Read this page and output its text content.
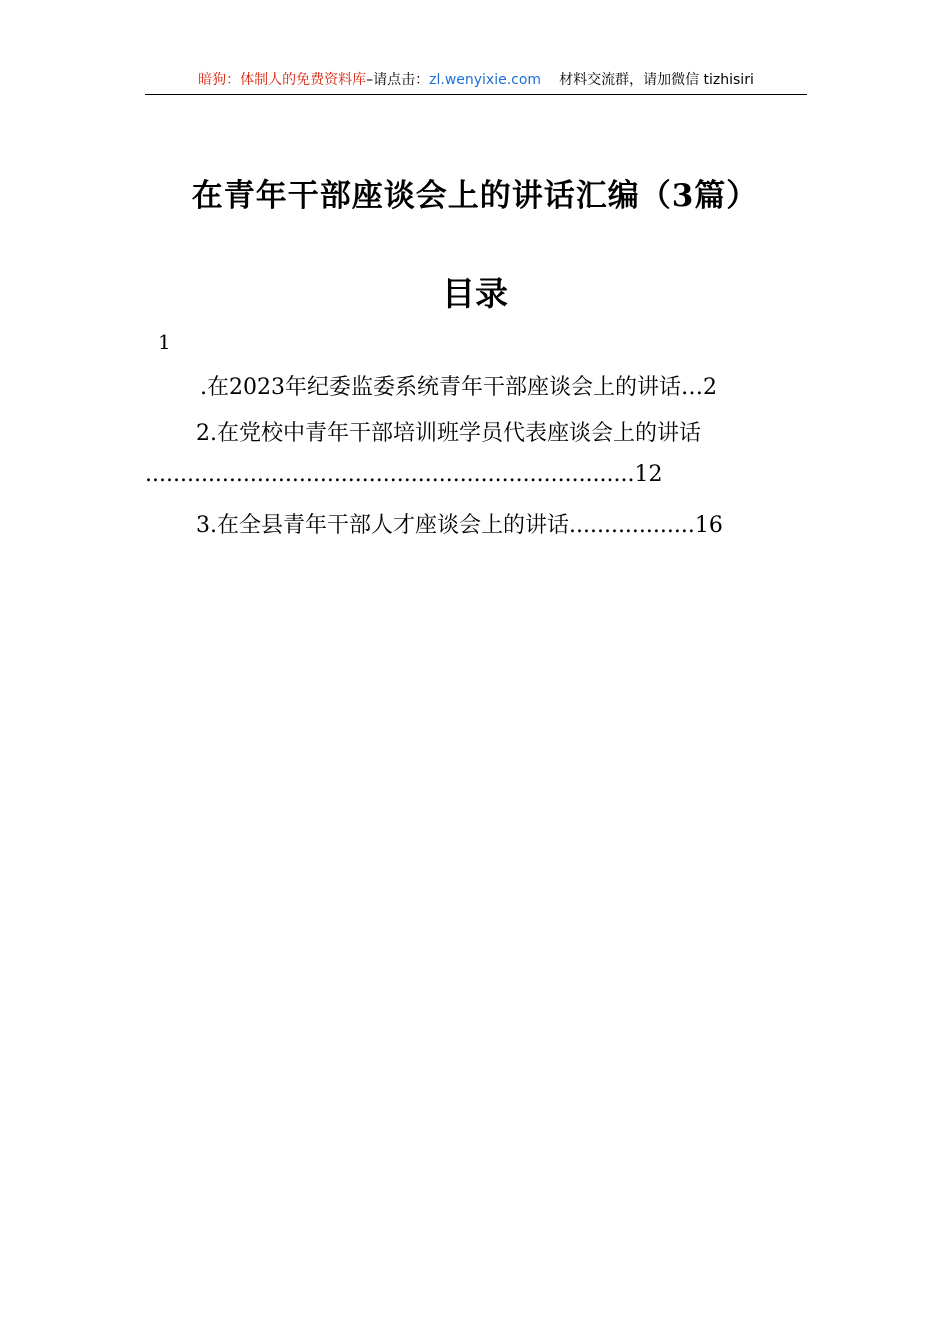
暗狗：体制人的免费资料库–请点击：zl.wenyixie.com 材料交流群，请加微信 tizhisiri
在青年干部座谈会上的讲话汇编（3篇）
目录
1
.在2023年纪委监委系统青年干部座谈会上的讲话…2
2.在党校中青年干部培训班学员代表座谈会上的讲话
......................................................................12
3.在全县青年干部人才座谈会上的讲话..................16
